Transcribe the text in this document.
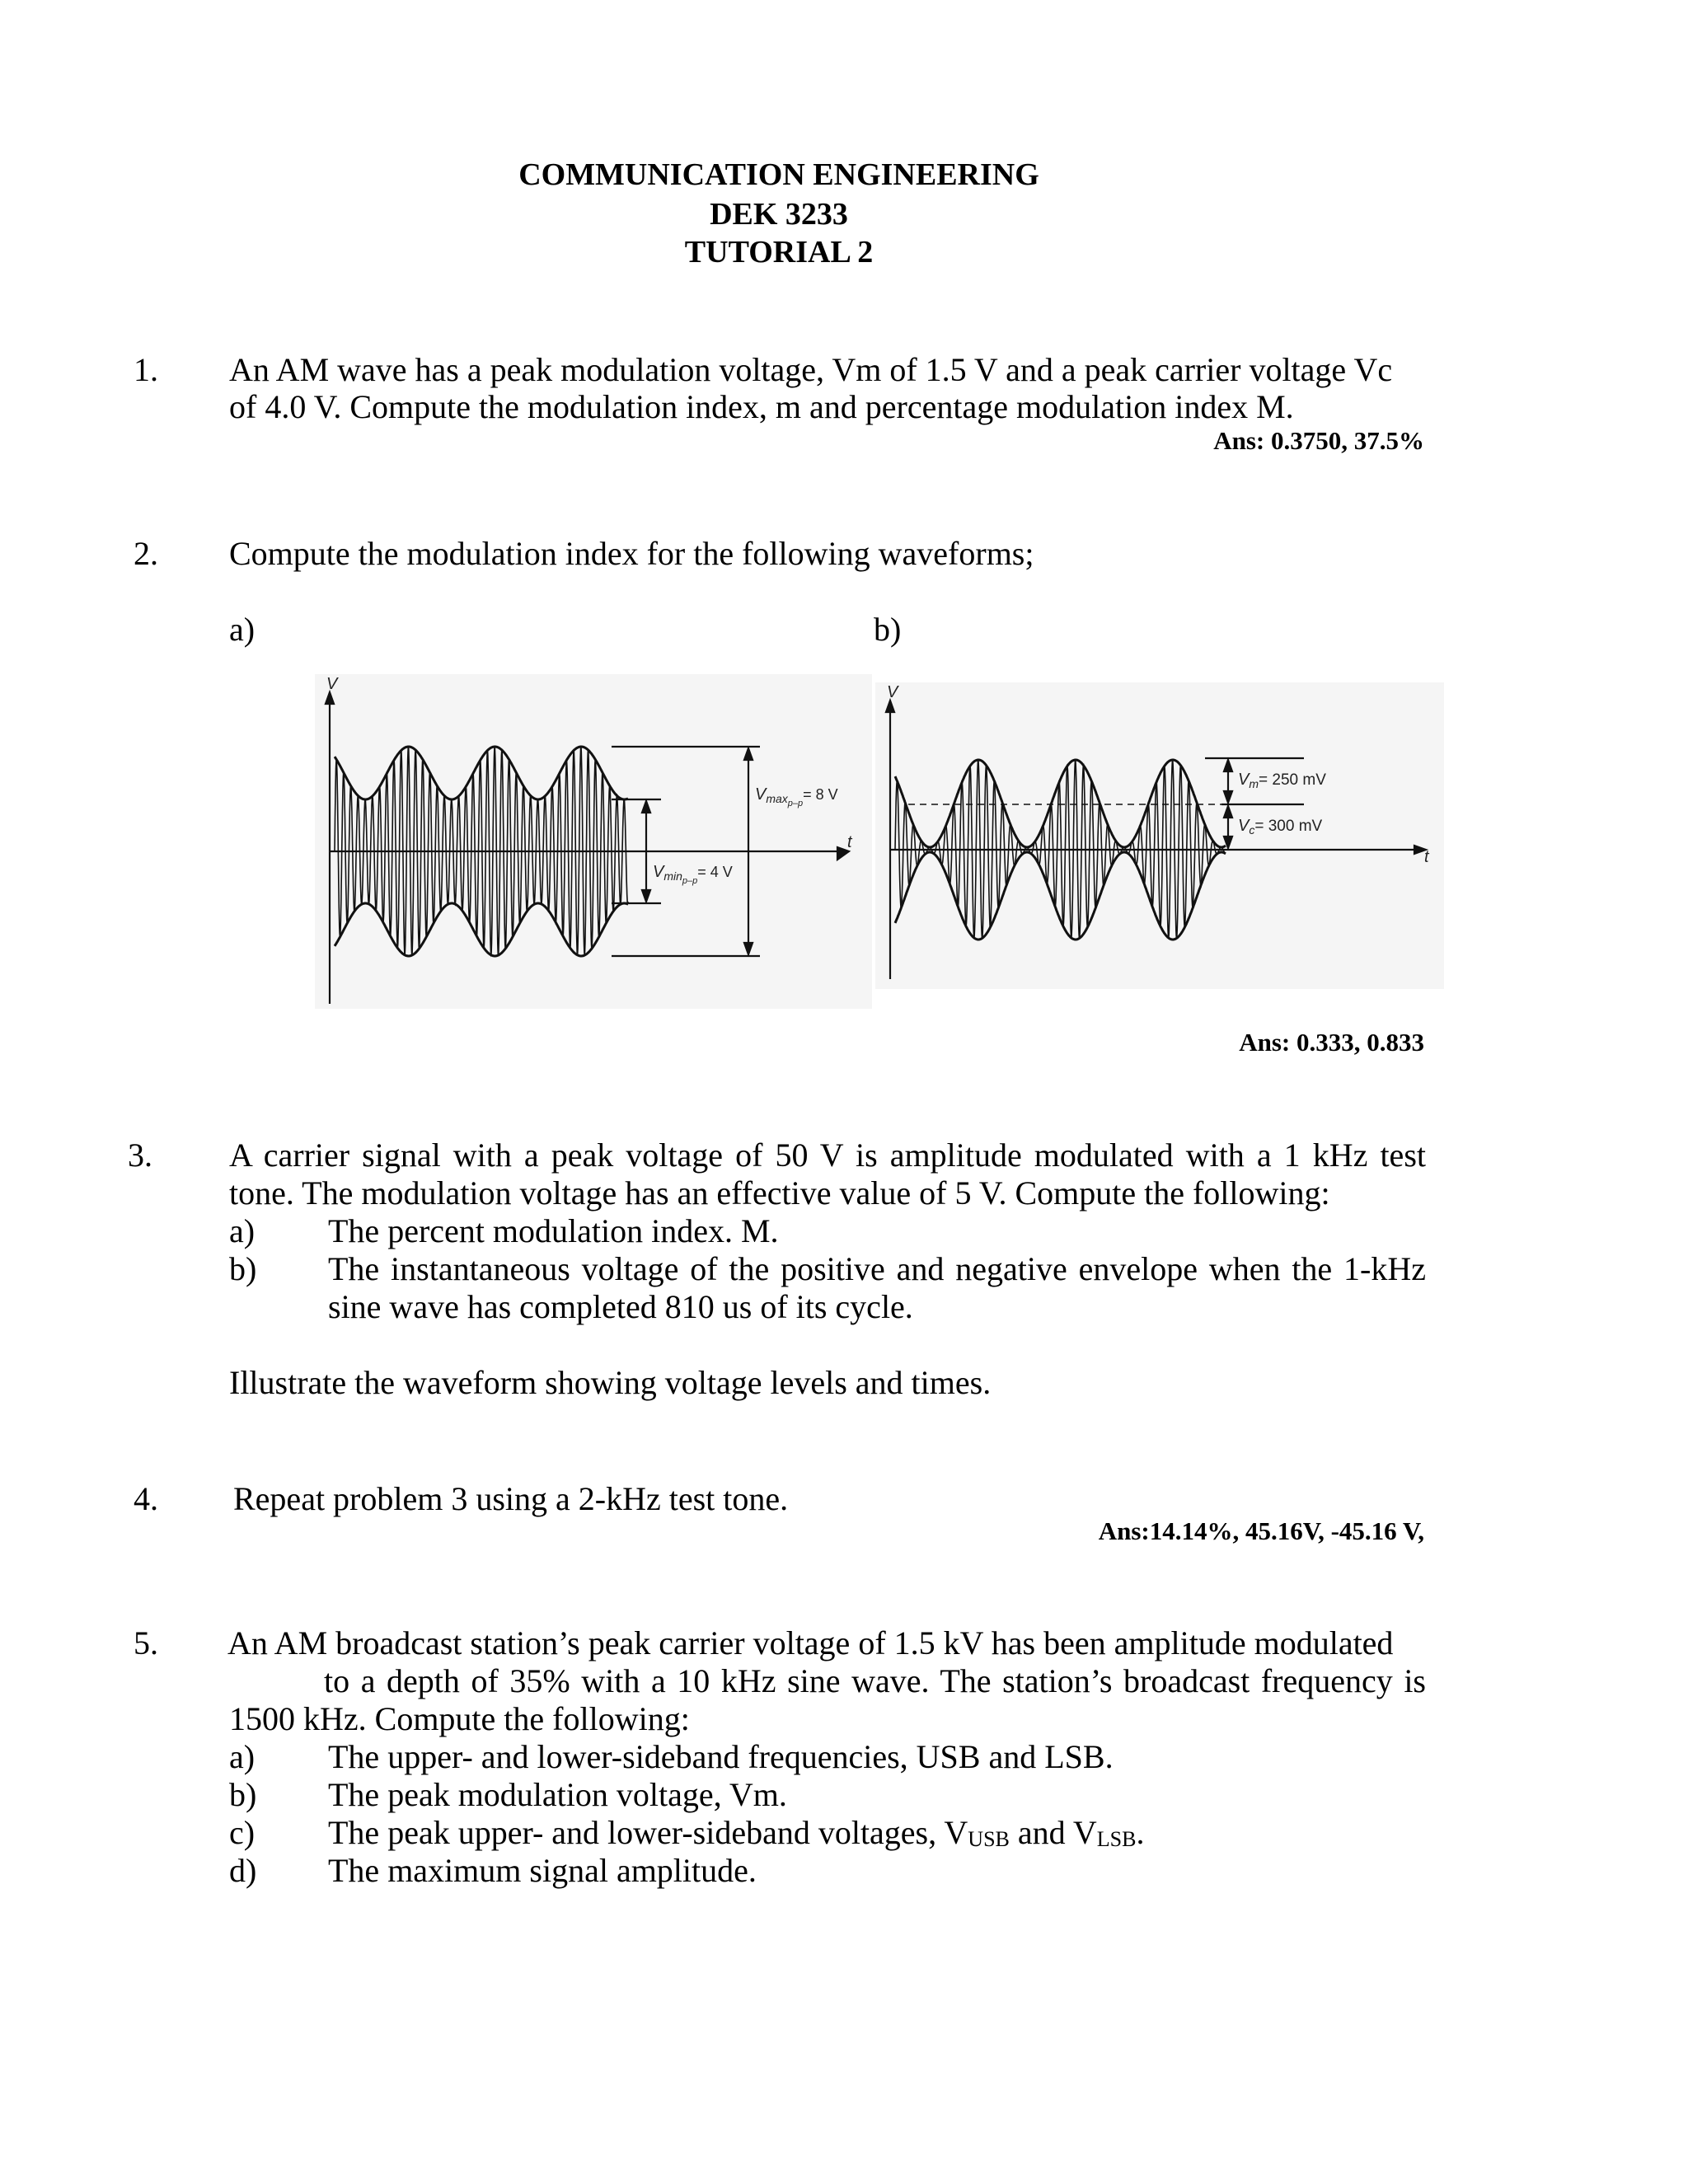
COMMUNICATION ENGINEERING
DEK 3233
TUTORIAL 2
1. An AM wave has a peak modulation voltage, Vm of 1.5 V and a peak carrier voltage Vc
of 4.0 V. Compute the modulation index, m and percentage modulation index M.
Ans: 0.3750, 37.5%
2. Compute the modulation index for the following waveforms;
a)	b)
V
t
$V_{maxp-p}= 8$ V
$V_{minp-p}= 4$ V
V
t
$V_m= 250$ mV
$V_c= 300$ mV
Ans: 0.333, 0.833
3. A carrier signal with a peak voltage of 50 V is amplitude modulated with a 1 kHz test
tone. The modulation voltage has an effective value of 5 V. Compute the following:
a) The percent modulation index. M.
b) The instantaneous voltage of the positive and negative envelope when the 1-kHz
sine wave has completed 810 us of its cycle.
Illustrate the waveform showing voltage levels and times.
4. Repeat problem 3 using a 2-kHz test tone.
Ans:14.14%, 45.16V, -45.16 V,
5. An AM broadcast station’s peak carrier voltage of 1.5 kV has been amplitude modulated
to a depth of 35% with a 10 kHz sine wave. The station’s broadcast frequency is
1500 kHz. Compute the following:
a) The upper- and lower-sideband frequencies, USB and LSB.
b) The peak modulation voltage, Vm.
c) The peak upper- and lower-sideband voltages, $V_{USB}$ and $V_{LSB}$.
d) The maximum signal amplitude.
